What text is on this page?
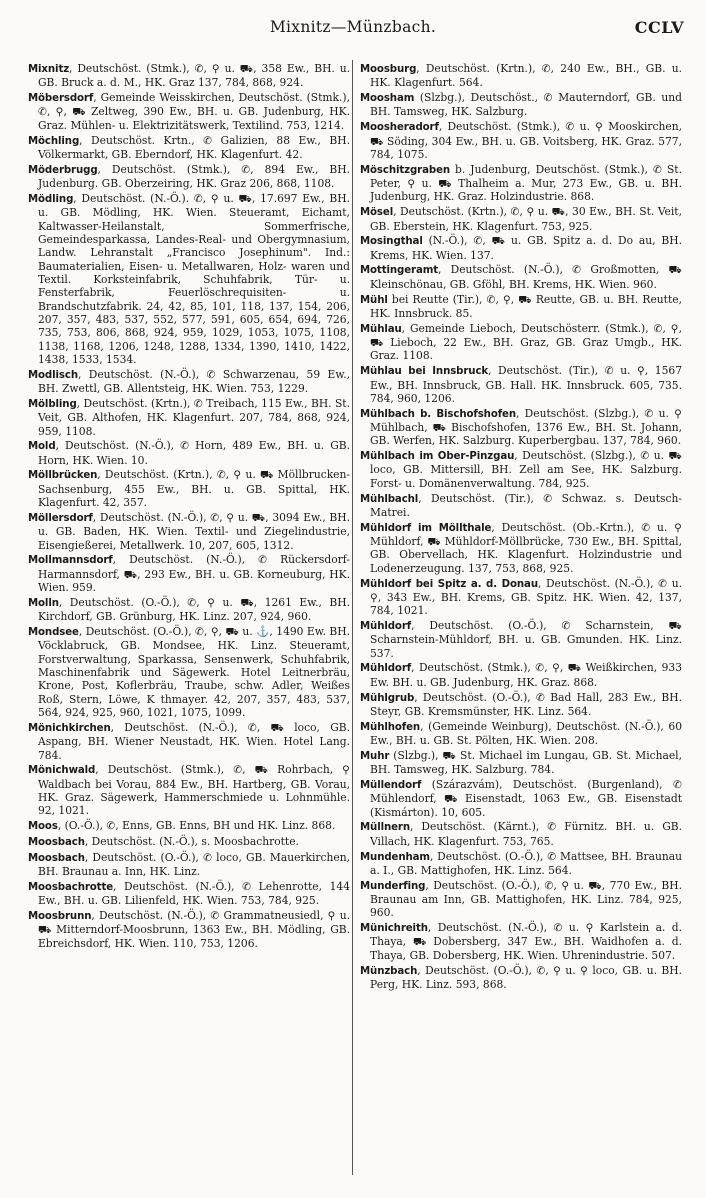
Mixnitz—Münzbach.	CCLV

Mixnitz, Deutschöst. (Stmk.), ✆, ⚲ u. ⛟, 358 Ew., BH. u. GB. Bruck a. d. M., HK. Graz 137, 784, 868, 924.

Möbersdorf, Gemeinde Weisskirchen, Deutschöst. (Stmk.), ✆, ⚲, ⛟ Zeltweg, 390 Ew., BH. u. GB. Judenburg, HK. Graz. Mühlen- u. Elektrizitätswerk, Textilind. 753, 1214.

Möchling, Deutschöst. Krtn., ✆ Galizien, 88 Ew., BH. Völkermarkt, GB. Eberndorf, HK. Klagenfurt. 42.

Möderbrugg, Deutschöst. (Stmk.), ✆, 894 Ew., BH. Judenburg. GB. Oberzeiring, HK. Graz 206, 868, 1108.

Mödling, Deutschöst. (N.-Ö.). ✆, ⚲ u. ⛟, 17.697 Ew., BH. u. GB. Mödling, HK. Wien. Steueramt, Eichamt, Kaltwasser-Heilanstalt, Sommerfrische, Gemeindesparkassa, Landes-Real- und Obergymnasium, Landw. Lehranstalt „Francisco Josephinum". Ind.: Baumaterialien, Eisen- u. Metallwaren, Holz- waren und Textil. Korksteinfabrik, Schuhfabrik, Tür- u. Fensterfabrik, Feuerlöschrequisiten- u. Brandschutzfabrik. 24, 42, 85, 101, 118, 137, 154, 206, 207, 357, 483, 537, 552, 577, 591, 605, 654, 694, 726, 735, 753, 806, 868, 924, 959, 1029, 1053, 1075, 1108, 1138, 1168, 1206, 1248, 1288, 1334, 1390, 1410, 1422, 1438, 1533, 1534.

Modlisch, Deutschöst. (N.-Ö.), ✆ Schwarzenau, 59 Ew., BH. Zwettl, GB. Allentsteig, HK. Wien. 753, 1229.

Mölbling, Deutschöst. (Krtn.), ✆ Treibach, 115 Ew., BH. St. Veit, GB. Althofen, HK. Klagenfurt. 207, 784, 868, 924, 959, 1108.

Mold, Deutschöst. (N.-Ö.), ✆ Horn, 489 Ew., BH. u. GB. Horn, HK. Wien. 10.

Möllbrücken, Deutschöst. (Krtn.), ✆, ⚲ u. ⛟ Möllbrucken-Sachsenburg, 455 Ew., BH. u. GB. Spittal, HK. Klagenfurt. 42, 357.

Möllersdorf, Deutschöst. (N.-Ö.), ✆, ⚲ u. ⛟, 3094 Ew., BH. u. GB. Baden, HK. Wien. Textil- und Ziegelindustrie, Eisengießerei, Metallwerk. 10, 207, 605, 1312.

Mollmannsdorf, Deutschöst. (N.-Ö.), ✆ Rückersdorf-Harmannsdorf, ⛟, 293 Ew., BH. u. GB. Korneuburg, HK. Wien. 959.

Molln, Deutschöst. (O.-Ö.), ✆, ⚲ u. ⛟, 1261 Ew., BH. Kirchdorf, GB. Grünburg, HK. Linz. 207, 924, 960.

Mondsee, Deutschöst. (O.-Ö.), ✆, ⚲, ⛟ u. ⚓, 1490 Ew. BH. Vöcklabruck, GB. Mondsee, HK. Linz. Steueramt, Forstverwaltung, Sparkassa, Sensenwerk, Schuhfabrik, Maschinenfabrik und Sägewerk. Hotel Leitnerbräu, Krone, Post, Koflerbräu, Traube, schw. Adler, Weißes Roß, Stern, Löwe, K thmayer. 42, 207, 357, 483, 537, 564, 924, 925, 960, 1021, 1075, 1099.

Mönichkirchen, Deutschöst. (N.-Ö.), ✆, ⛟ loco, GB. Aspang, BH. Wiener Neustadt, HK. Wien. Hotel Lang. 784.

Mönichwald, Deutschöst. (Stmk.), ✆, ⛟ Rohrbach, ⚲ Waldbach bei Vorau, 884 Ew., BH. Hartberg, GB. Vorau, HK. Graz. Sägewerk, Hammerschmiede u. Lohnmühle. 92, 1021.

Moos, (O.-Ö.), ✆, Enns, GB. Enns, BH und HK. Linz. 868.

Moosbach, Deutschöst. (N.-Ö.), s. Moosbachrotte.

Moosbach, Deutschöst. (O.-Ö.), ✆ loco, GB. Mauerkirchen, BH. Braunau a. Inn, HK. Linz.

Moosbachrotte, Deutschöst. (N.-Ö.), ✆ Lehenrotte, 144 Ew., BH. u. GB. Lilienfeld, HK. Wien. 753, 784, 925.

Moosbrunn, Deutschöst. (N.-Ö.), ✆ Grammatneusiedl, ⚲ u. ⛟ Mitterndorf-Moosbrunn, 1363 Ew., BH. Mödling, GB. Ebreichsdorf, HK. Wien. 110, 753, 1206.

Moosburg, Deutschöst. (Krtn.), ✆, 240 Ew., BH., GB. u. HK. Klagenfurt. 564.

Moosham (Slzbg.), Deutschöst., ✆ Mauterndorf, GB. und BH. Tamsweg, HK. Salzburg.

Moosheradorf, Deutschöst. (Stmk.), ✆ u. ⚲ Mooskirchen, ⛟ Söding, 304 Ew., BH. u. GB. Voitsberg, HK. Graz. 577, 784, 1075.

Möschitzgraben b. Judenburg, Deutschöst. (Stmk.), ✆ St. Peter, ⚲ u. ⛟ Thalheim a. Mur, 273 Ew., GB. u. BH. Judenburg, HK. Graz. Holzindustrie. 868.

Mösel, Deutschöst. (Krtn.), ✆, ⚲ u. ⛟, 30 Ew., BH. St. Veit, GB. Eberstein, HK. Klagenfurt. 753, 925.

Mosingthal (N.-Ö.), ✆, ⛟ u. GB. Spitz a. d. Do au, BH. Krems, HK. Wien. 137.

Mottingeramt, Deutschöst. (N.-Ö.), ✆ Großmotten, ⛟ Kleinschönau, GB. Gföhl, BH. Krems, HK. Wien. 960.

Mühl bei Reutte (Tir.), ✆, ⚲, ⛟ Reutte, GB. u. BH. Reutte, HK. Innsbruck. 85.

Mühlau, Gemeinde Lieboch, Deutschösterr. (Stmk.), ✆, ⚲, ⛟ Lieboch, 22 Ew., BH. Graz, GB. Graz Umgb., HK. Graz. 1108.

Mühlau bei Innsbruck, Deutschöst. (Tir.), ✆ u. ⚲, 1567 Ew., BH. Innsbruck, GB. Hall. HK. Innsbruck. 605, 735. 784, 960, 1206.

Mühlbach b. Bischofshofen, Deutschöst. (Slzbg.), ✆ u. ⚲ Mühlbach, ⛟ Bischofshofen, 1376 Ew., BH. St. Johann, GB. Werfen, HK. Salzburg. Kuperbergbau. 137, 784, 960.

Mühlbach im Ober-Pinzgau, Deutschöst. (Slzbg.), ✆ u. ⛟ loco, GB. Mittersill, BH. Zell am See, HK. Salzburg. Forst- u. Domänenverwaltung. 784, 925.

Mühlbachl, Deutschöst. (Tir.), ✆ Schwaz. s. Deutsch-Matrei.

Mühldorf im Möllthale, Deutschöst. (Ob.-Krtn.), ✆ u. ⚲ Mühldorf, ⛟ Mühldorf-Möllbrücke, 730 Ew., BH. Spittal, GB. Obervellach, HK. Klagenfurt. Holzindustrie und Lodenerzeugung. 137, 753, 868, 925.

Mühldorf bei Spitz a. d. Donau, Deutschöst. (N.-Ö.), ✆ u. ⚲, 343 Ew., BH. Krems, GB. Spitz. HK. Wien. 42, 137, 784, 1021.

Mühldorf, Deutschöst. (O.-Ö.), ✆ Scharnstein, ⛟ Scharnstein-Mühldorf, BH. u. GB. Gmunden. HK. Linz. 537.

Mühldorf, Deutschöst. (Stmk.), ✆, ⚲, ⛟ Weißkirchen, 933 Ew. BH. u. GB. Judenburg, HK. Graz. 868.

Mühlgrub, Deutschöst. (O.-Ö.), ✆ Bad Hall, 283 Ew., BH. Steyr, GB. Kremsmünster, HK. Linz. 564.

Mühlhofen, (Gemeinde Weinburg), Deutschöst. (N.-Ö.), 60 Ew., BH. u. GB. St. Pölten, HK. Wien. 208.

Muhr (Slzbg.), ⛟ St. Michael im Lungau, GB. St. Michael, BH. Tamsweg, HK. Salzburg. 784.

Müllendorf (Szárazvám), Deutschöst. (Burgenland), ✆ Mühlendorf, ⛟ Eisenstadt, 1063 Ew., GB. Eisenstadt (Kismárton). 10, 605.

Müllnern, Deutschöst. (Kärnt.), ✆ Fürnitz. BH. u. GB. Villach, HK. Klagenfurt. 753, 765.

Mundenham, Deutschöst. (O.-Ö.), ✆ Mattsee, BH. Braunau a. I., GB. Mattighofen, HK. Linz. 564.

Munderfing, Deutschöst. (O.-Ö.), ✆, ⚲ u. ⛟, 770 Ew., BH. Braunau am Inn, GB. Mattighofen, HK. Linz. 784, 925, 960.

Münichreith, Deutschöst. (N.-Ö.), ✆ u. ⚲ Karlstein a. d. Thaya, ⛟ Dobersberg, 347 Ew., BH. Waidhofen a. d. Thaya, GB. Dobersberg, HK. Wien. Uhrenindustrie. 507.

Münzbach, Deutschöst. (O.-Ö.), ✆, ⚲ u. ⚲ loco, GB. u. BH. Perg, HK. Linz. 593, 868.
